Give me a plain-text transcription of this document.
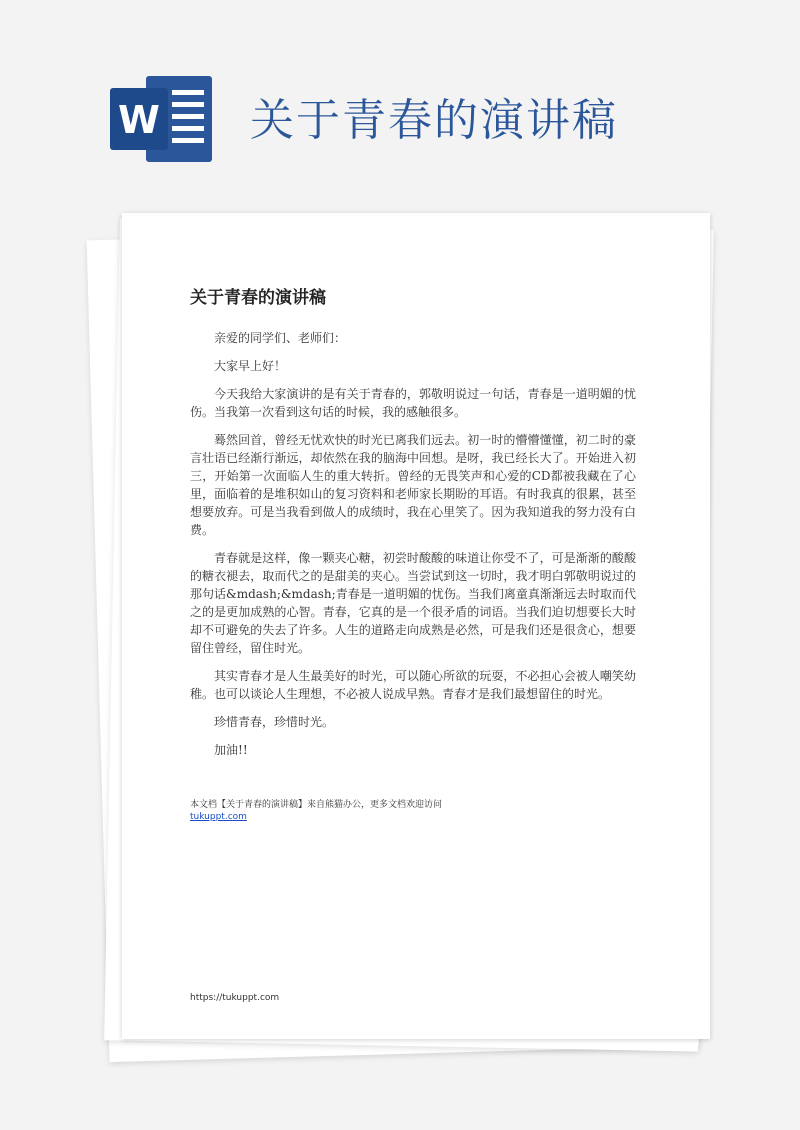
W 关于青春的演讲稿
关于青春的演讲稿

亲爱的同学们、老师们：

大家早上好！

今天我给大家演讲的是有关于青春的，郭敬明说过一句话，青春是一道明媚的忧伤。当我第一次看到这句话的时候，我的感触很多。

蓦然回首，曾经无忧欢快的时光已离我们远去。初一时的懵懵懂懂，初二时的豪言壮语已经渐行渐远，却依然在我的脑海中回想。是呀，我已经长大了。开始进入初三，开始第一次面临人生的重大转折。曾经的无畏笑声和心爱的CD都被我藏在了心里，面临着的是堆积如山的复习资料和老师家长期盼的耳语。有时我真的很累，甚至想要放弃。可是当我看到做人的成绩时，我在心里笑了。因为我知道我的努力没有白费。

青春就是这样，像一颗夹心糖，初尝时酸酸的味道让你受不了，可是渐渐的酸酸的糖衣褪去，取而代之的是甜美的夹心。当尝试到这一切时，我才明白郭敬明说过的那句话&mdash;&mdash;青春是一道明媚的忧伤。当我们离童真渐渐远去时取而代之的是更加成熟的心智。青春，它真的是一个很矛盾的词语。当我们迫切想要长大时却不可避免的失去了许多。人生的道路走向成熟是必然，可是我们还是很贪心，想要留住曾经，留住时光。

其实青春才是人生最美好的时光，可以随心所欲的玩耍，不必担心会被人嘲笑幼稚。也可以谈论人生理想，不必被人说成早熟。青春才是我们最想留住的时光。

珍惜青春，珍惜时光。

加油!!

本文档【关于青春的演讲稿】来自熊猫办公，更多文档欢迎访问
tukuppt.com
https://tukuppt.com
